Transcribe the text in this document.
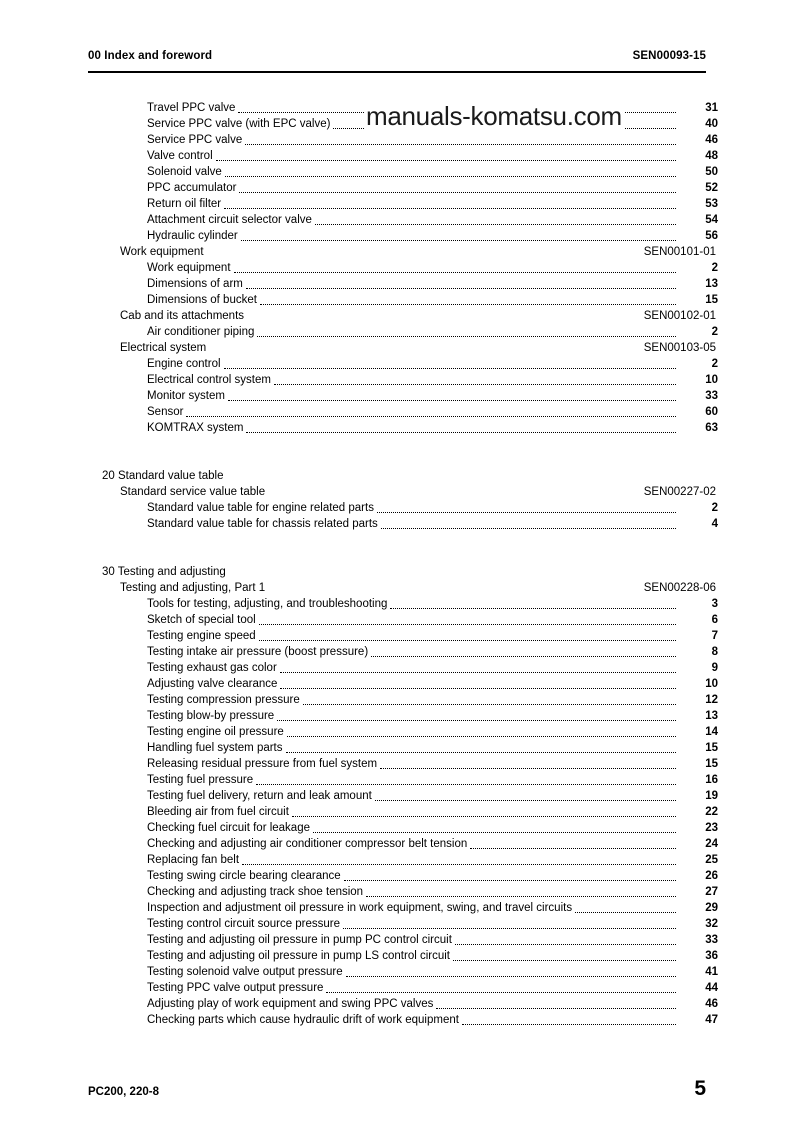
00 Index and foreword	SEN00093-15
Travel PPC valve	31
Service PPC valve (with EPC valve)	40
Service PPC valve	46
Valve control	48
Solenoid valve	50
PPC accumulator	52
Return oil filter	53
Attachment circuit selector valve	54
Hydraulic cylinder	56
Work equipment	SEN00101-01
Work equipment	2
Dimensions of arm	13
Dimensions of bucket	15
Cab and its attachments	SEN00102-01
Air conditioner piping	2
Electrical system	SEN00103-05
Engine control	2
Electrical control system	10
Monitor system	33
Sensor	60
KOMTRAX system	63
20 Standard value table
Standard service value table	SEN00227-02
Standard value table for engine related parts	2
Standard value table for chassis related parts	4
30 Testing and adjusting
Testing and adjusting, Part 1	SEN00228-06
Tools for testing, adjusting, and troubleshooting	3
Sketch of special tool	6
Testing engine speed	7
Testing intake air pressure (boost pressure)	8
Testing exhaust gas color	9
Adjusting valve clearance	10
Testing compression pressure	12
Testing blow-by pressure	13
Testing engine oil pressure	14
Handling fuel system parts	15
Releasing residual pressure from fuel system	15
Testing fuel pressure	16
Testing fuel delivery, return and leak amount	19
Bleeding air from fuel circuit	22
Checking fuel circuit for leakage	23
Checking and adjusting air conditioner compressor belt tension	24
Replacing fan belt	25
Testing swing circle bearing clearance	26
Checking and adjusting track shoe tension	27
Inspection and adjustment oil pressure in work equipment, swing, and travel circuits	29
Testing control circuit source pressure	32
Testing and adjusting oil pressure in pump PC control circuit	33
Testing and adjusting oil pressure in pump LS control circuit	36
Testing solenoid valve output pressure	41
Testing PPC valve output pressure	44
Adjusting play of work equipment and swing PPC valves	46
Checking parts which cause hydraulic drift of work equipment	47
manuals-komatsu.com
PC200, 220-8	5
